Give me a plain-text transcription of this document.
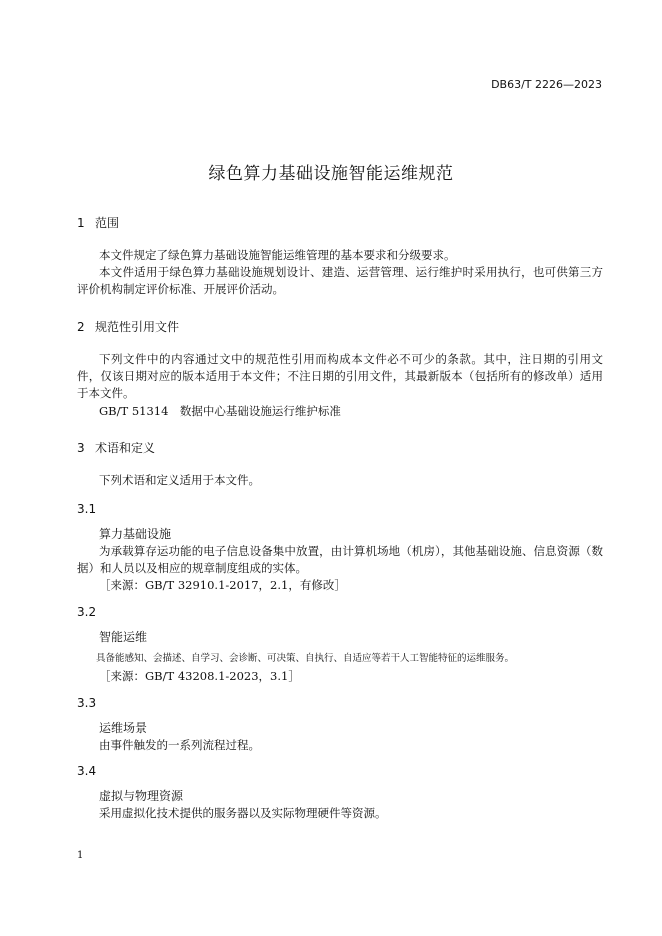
DB63/T 2226—2023
绿色算力基础设施智能运维规范
1 范围

本文件规定了绿色算力基础设施智能运维管理的基本要求和分级要求。

本文件适用于绿色算力基础设施规划设计、建造、运营管理、运行维护时采用执行，也可供第三方评价机构制定评价标准、开展评价活动。

2 规范性引用文件

下列文件中的内容通过文中的规范性引用而构成本文件必不可少的条款。其中，注日期的引用文件，仅该日期对应的版本适用于本文件；不注日期的引用文件，其最新版本（包括所有的修改单）适用于本文件。

GB/T 51314　数据中心基础设施运行维护标准
3 术语和定义

下列术语和定义适用于本文件。

3.1
算力基础设施

为承载算存运功能的电子信息设备集中放置，由计算机场地（机房），其他基础设施、信息资源（数据）和人员以及相应的规章制度组成的实体。

［来源：GB/T 32910.1-2017，2.1，有修改］
3.2
智能运维
具备能感知、会描述、自学习、会诊断、可决策、自执行、自适应等若干人工智能特征的运维服务。
［来源：GB/T 43208.1-2023，3.1］
3.3
运维场景
由事件触发的一系列流程过程。
3.4
虚拟与物理资源
采用虚拟化技术提供的服务器以及实际物理硬件等资源。
1
